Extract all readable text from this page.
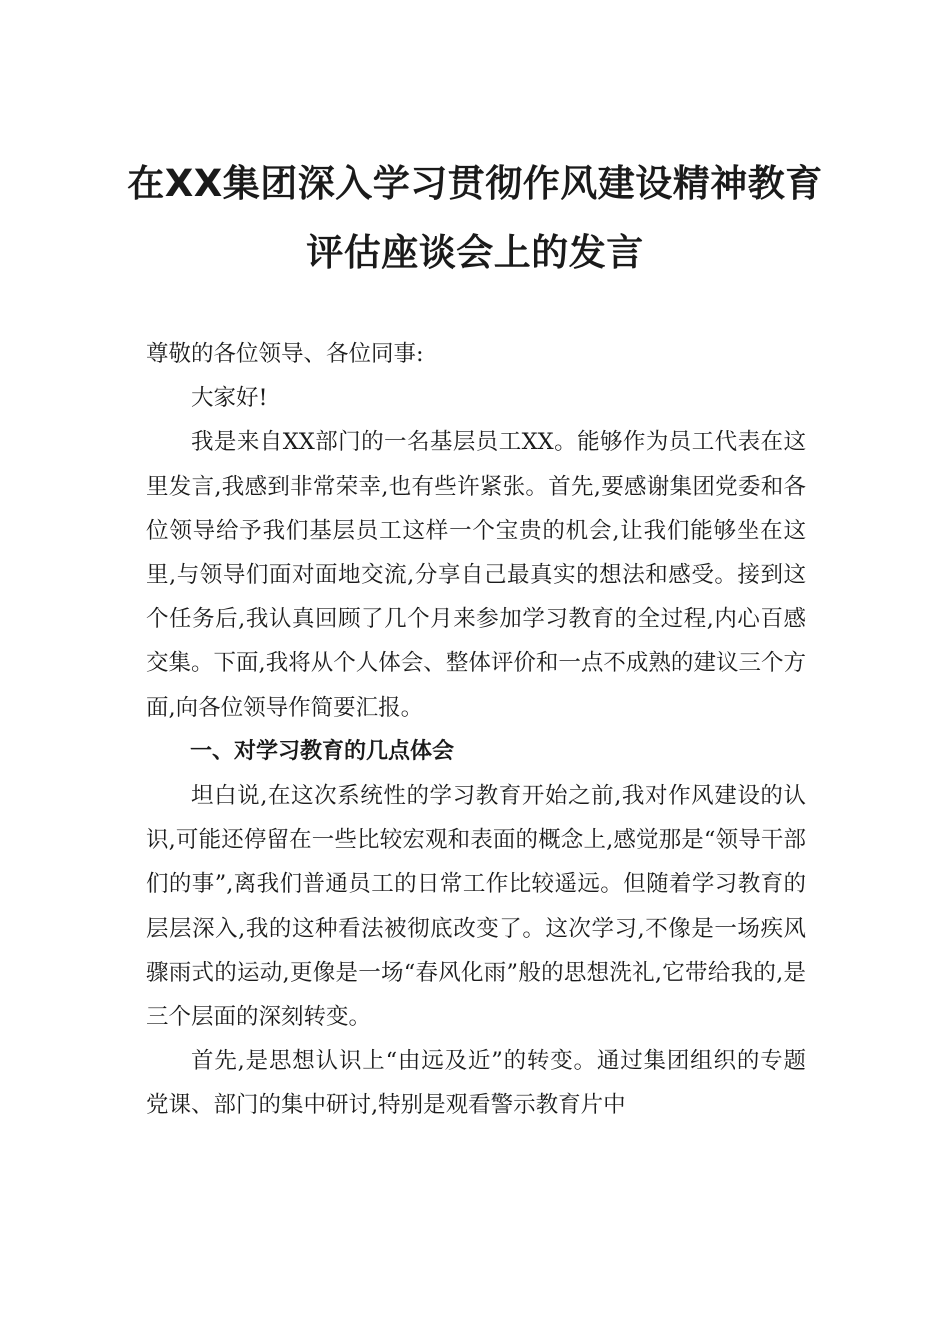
在XX集团深入学习贯彻作风建设精神教育
评估座谈会上的发言

尊敬的各位领导、各位同事:

大家好!

我是来自XX部门的一名基层员工XX。能够作为员工代表在这里发言,我感到非常荣幸,也有些许紧张。首先,要感谢集团党委和各位领导给予我们基层员工这样一个宝贵的机会,让我们能够坐在这里,与领导们面对面地交流,分享自己最真实的想法和感受。接到这个任务后,我认真回顾了几个月来参加学习教育的全过程,内心百感交集。下面,我将从个人体会、整体评价和一点不成熟的建议三个方面,向各位领导作简要汇报。

一、对学习教育的几点体会

坦白说,在这次系统性的学习教育开始之前,我对作风建设的认识,可能还停留在一些比较宏观和表面的概念上,感觉那是“领导干部们的事”,离我们普通员工的日常工作比较遥远。但随着学习教育的层层深入,我的这种看法被彻底改变了。这次学习,不像是一场疾风骤雨式的运动,更像是一场“春风化雨”般的思想洗礼,它带给我的,是三个层面的深刻转变。

首先,是思想认识上“由远及近”的转变。通过集团组织的专题党课、部门的集中研讨,特别是观看警示教育片中
